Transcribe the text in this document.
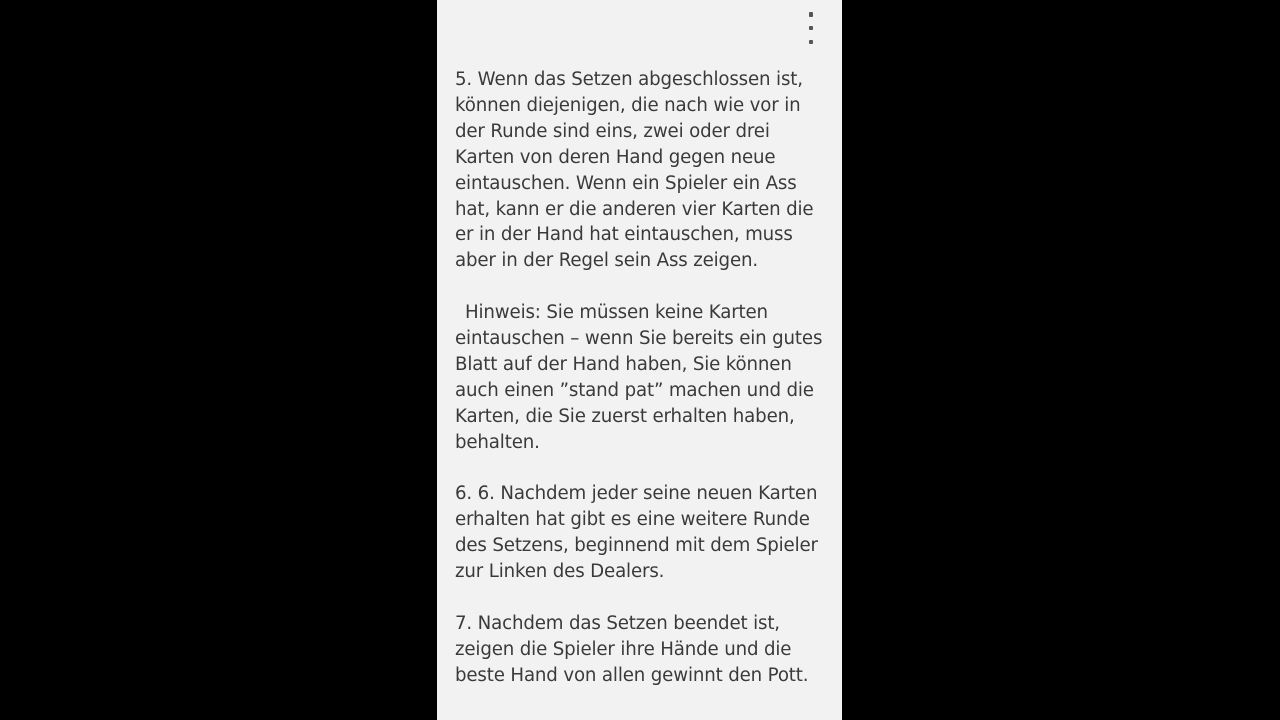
5. Wenn das Setzen abgeschlossen ist, können diejenigen, die nach wie vor in der Runde sind eins, zwei oder drei Karten von deren Hand gegen neue eintauschen. Wenn ein Spieler ein Ass hat, kann er die anderen vier Karten die er in der Hand hat eintauschen, muss aber in der Regel sein Ass zeigen.

Hinweis: Sie müssen keine Karten eintauschen – wenn Sie bereits ein gutes Blatt auf der Hand haben, Sie können auch einen ”stand pat” machen und die Karten, die Sie zuerst erhalten haben, behalten.

6. 6. Nachdem jeder seine neuen Karten erhalten hat gibt es eine weitere Runde des Setzens, beginnend mit dem Spieler zur Linken des Dealers.

7. Nachdem das Setzen beendet ist, zeigen die Spieler ihre Hände und die beste Hand von allen gewinnt den Pott.
